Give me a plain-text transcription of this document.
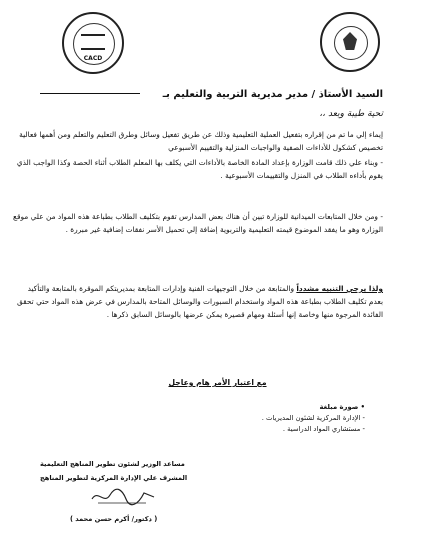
CACD
السيد الأستاذ / مدير مديرية التربية والتعليم بـ
تحية طيبة وبعد ،،
إيماء إلي ما تم من إقراره بتفعيل العملية التعليمية وذلك عن طريق تفعيل وسائل وطرق التعليم والتعلم ومن أهمها فعالية تخصيص كشكول للأداءات الصفية والواجبات المنزلية والتقييم الأسبوعي
- وبناء علي ذلك قامت الوزارة بإعداد المادة الخاصة بالأداءات التي يكلف بها المعلم الطلاب أثناء الحصة وكذا الواجب الذي يقوم بأداءه الطلاب في المنزل والتقييمات الأسبوعية .
- ومن خلال المتابعات الميدانية للوزارة تبين أن هناك بعض المدارس تقوم بتكليف الطلاب بطباعة هذه المواد من علي موقع الوزارة وهو ما يفقد الموضوع قيمته التعليمية والتربوية إضافة إلي تحميل الأسر نفقات إضافية غير مبررة .
ولذا يرجي التنبيه مشدداً والمتابعة من خلال التوجيهات الفنية وإدارات المتابعة بمديريتكم الموقرة بالمتابعة والتأكيد بعدم تكليف الطلاب بطباعة هذه المواد واستخدام السبورات والوسائل المتاحة بالمدارس في عرض هذه المواد حتي تحقق الفائدة المرجوة منها وخاصة إنها أسئلة ومهام قصيرة يمكن عرضها بالوسائل السابق ذكرها .
مع اعتبار الأمر هام وعاجل
• صورة مبلغة
- الإدارة المركزية لشئون المديريات .
- مستشاري المواد الدراسية .
مساعد الوزير لشئون تطوير المناهج التعليمية
المشرف علي الإدارة المركزية لتطوير المناهج
( دكتور/ أكرم حسن محمد )
